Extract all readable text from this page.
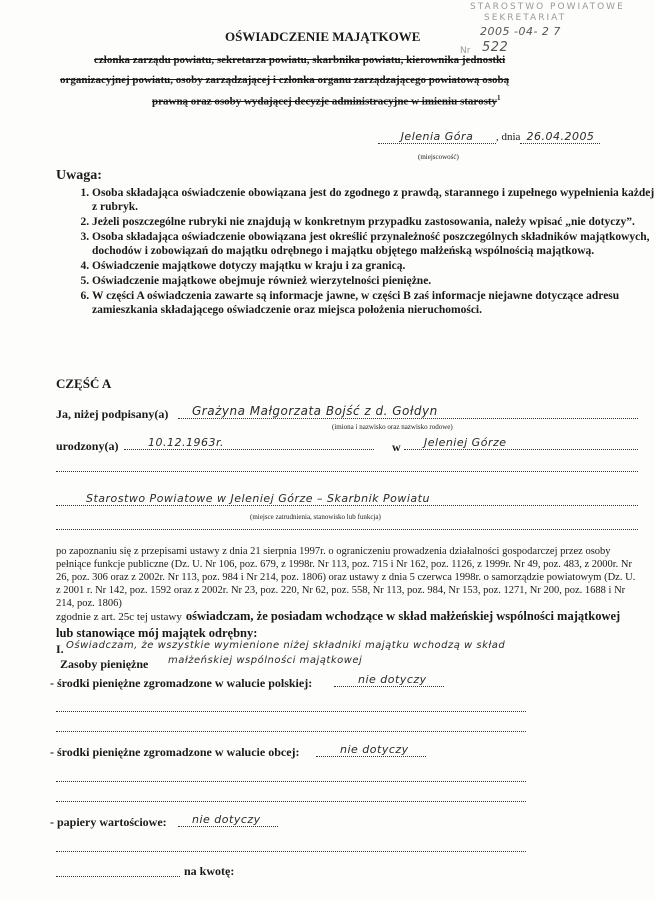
STAROSTWO POWIATOWE
SEKRETARIAT
2005 -04- 2 7
Nr 522
OŚWIADCZENIE MAJĄTKOWE
członka zarządu powiatu, sekretarza powiatu, skarbnika powiatu, kierownika jednostki
organizacyjnej powiatu, osoby zarządzającej i członka organu zarządzającego powiatową osobą
prawną oraz osoby wydającej decyzje administracyjne w imieniu starosty$^1$
Jelenia Góra , dnia 26.04.2005
(miejscowość)
Uwaga:
1. Osoba składająca oświadczenie obowiązana jest do zgodnego z prawdą, starannego i zupełnego wypełnienia każdej z rubryk.
2. Jeżeli poszczególne rubryki nie znajdują w konkretnym przypadku zastosowania, należy wpisać „nie dotyczy”.
3. Osoba składająca oświadczenie obowiązana jest określić przynależność poszczególnych składników majątkowych, dochodów i zobowiązań do majątku odrębnego i majątku objętego małżeńską wspólnością majątkową.
4. Oświadczenie majątkowe dotyczy majątku w kraju i za granicą.
5. Oświadczenie majątkowe obejmuje również wierzytelności pieniężne.
6. W części A oświadczenia zawarte są informacje jawne, w części B zaś informacje niejawne dotyczące adresu zamieszkania składającego oświadczenie oraz miejsca położenia nieruchomości.
CZĘŚĆ A
Ja, niżej podpisany(a)	Grażyna Małgorzata Bojść z d. Gołdyn
(imiona i nazwisko oraz nazwisko rodowe)
urodzony(a)	10.12.1963r.	w	Jeleniej Górze
Starostwo Powiatowe w Jeleniej Górze – Skarbnik Powiatu
(miejsce zatrudnienia, stanowisko lub funkcja)
po zapoznaniu się z przepisami ustawy z dnia 21 sierpnia 1997r. o ograniczeniu prowadzenia działalności gospodarczej przez osoby pełniące funkcje publiczne (Dz. U. Nr 106, poz. 679, z 1998r. Nr 113, poz. 715 i Nr 162, poz. 1126, z 1999r. Nr 49, poz. 483, z 2000r. Nr 26, poz. 306 oraz z 2002r. Nr 113, poz. 984 i Nr 214, poz. 1806) oraz ustawy z dnia 5 czerwca 1998r. o samorządzie powiatowym (Dz. U. z 2001 r. Nr 142, poz. 1592 oraz z 2002r. Nr 23, poz. 220, Nr 62, poz. 558, Nr 113, poz. 984, Nr 153, poz. 1271, Nr 200, poz. 1688 i Nr 214, poz. 1806)
zgodnie z art. 25c tej ustawy oświadczam, że posiadam wchodzące w skład małżeńskiej wspólności majątkowej lub stanowiące mój majątek odrębny:
I. Oświadczam, że wszystkie wymienione niżej składniki majątku wchodzą w skład
Zasoby pieniężne małżeńskiej wspólności majątkowej
- środki pieniężne zgromadzone w walucie polskiej:	nie dotyczy
- środki pieniężne zgromadzone w walucie obcej:	nie dotyczy
- papiery wartościowe:	nie dotyczy
na kwotę:
